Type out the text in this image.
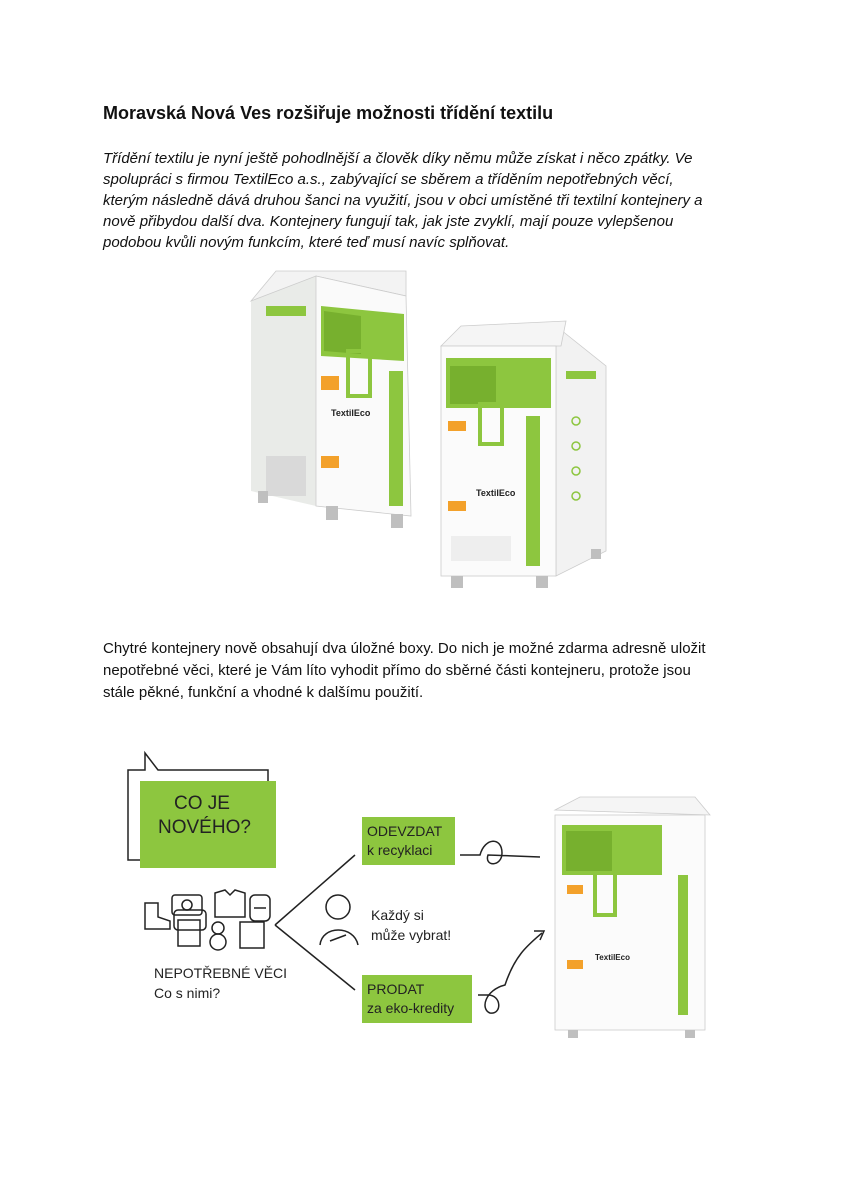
Moravská Nová Ves rozšiřuje možnosti třídění textilu

Třídění textilu je nyní ještě pohodlnější a člověk díky němu může získat i něco zpátky. Ve
spolupráci s firmou TextilEco a.s., zabývající se sběrem a tříděním nepotřebných věcí,
kterým následně dává druhou šanci na využití, jsou v obci umístěné tři textilní kontejnery a
nově přibydou další dva. Kontejnery fungují tak, jak jste zvyklí, mají pouze vylepšenou
podobou kvůli novým funkcím, které teď musí navíc splňovat.

TextilEco
TextilEco

Chytré kontejnery nově obsahují dva úložné boxy. Do nich je možné zdarma adresně uložit
nepotřebné věci, které je Vám líto vyhodit přímo do sběrné části kontejneru, protože jsou
stále pěkné, funkční a vhodné k dalšímu použití.

CO JE
NOVÉHO?
NEPOTŘEBNÉ VĚCI
Co s nimi?
Každý si
může vybrat!
ODEVZDAT
k recyklaci
PRODAT
za eko-kredity
TextilEco
